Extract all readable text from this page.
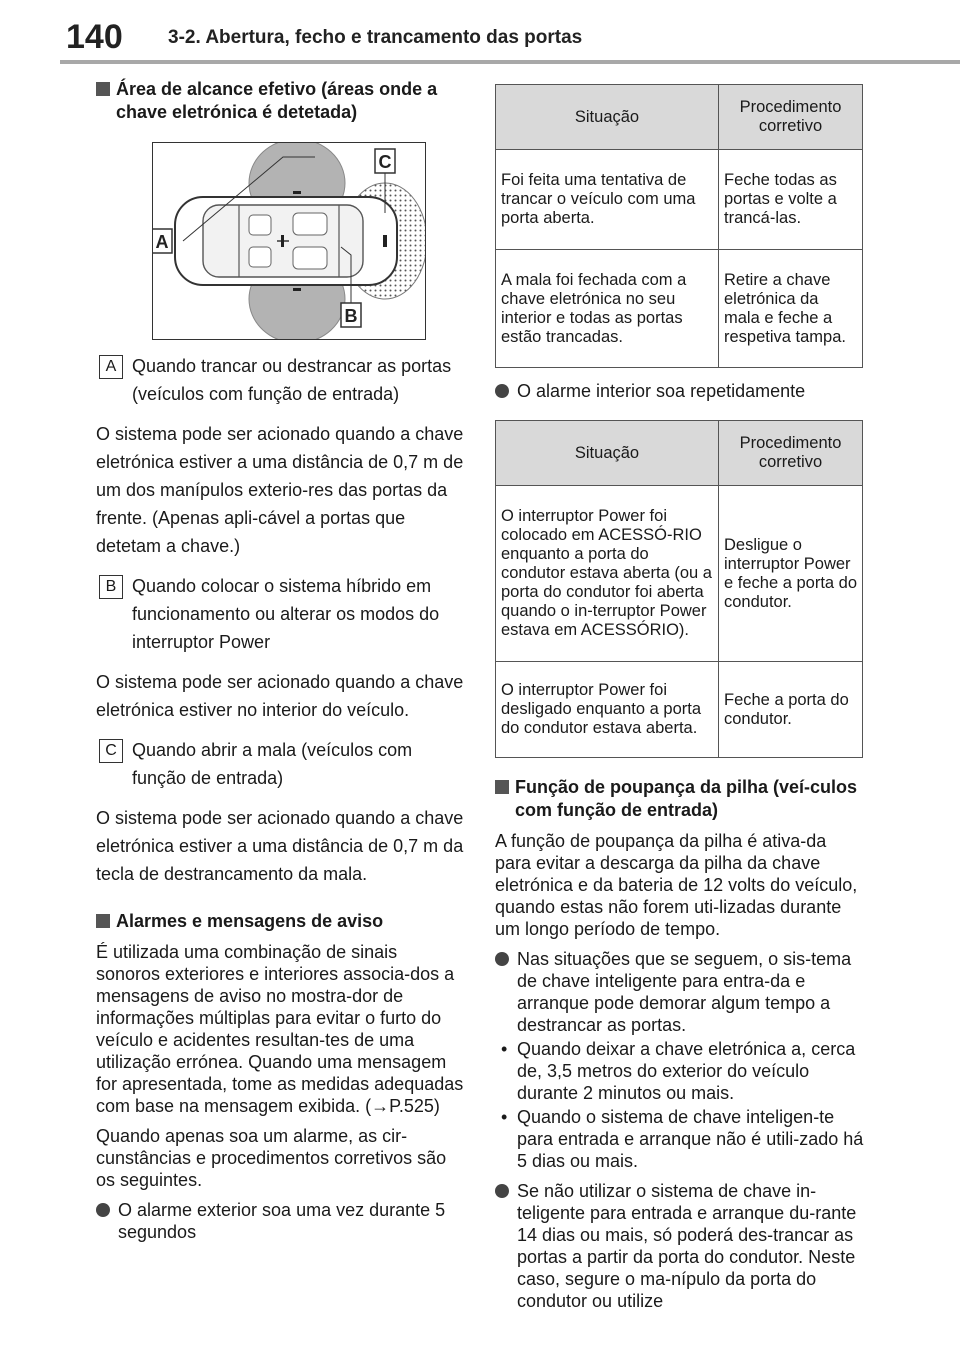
140 3-2. Abertura, fecho e trancamento das portas

Área de alcance efetivo (áreas onde a chave eletrónica é detetada)

A
C
B

A Quando trancar ou destrancar as portas (veículos com função de entrada)

O sistema pode ser acionado quando a chave eletrónica estiver a uma distância de 0,7 m de um dos manípulos exterio-res das portas da frente. (Apenas apli-cável a portas que detetam a chave.)

B Quando colocar o sistema híbrido em funcionamento ou alterar os modos do interruptor Power

O sistema pode ser acionado quando a chave eletrónica estiver no interior do veículo.

C Quando abrir a mala (veículos com função de entrada)

O sistema pode ser acionado quando a chave eletrónica estiver a uma distância de 0,7 m da tecla de destrancamento da mala.

Alarmes e mensagens de aviso

É utilizada uma combinação de sinais sonoros exteriores e interiores associa-dos a mensagens de aviso no mostra-dor de informações múltiplas para evitar o furto do veículo e acidentes resultan-tes de uma utilização errónea. Quando uma mensagem for apresentada, tome as medidas adequadas com base na mensagem exibida. (→P.525)

Quando apenas soa um alarme, as cir-cunstâncias e procedimentos corretivos são os seguintes.

O alarme exterior soa uma vez durante 5 segundos

Situação	Procedimento corretivo
Foi feita uma tentativa de trancar o veículo com uma porta aberta.	Feche todas as portas e volte a trancá-las.
A mala foi fechada com a chave eletrónica no seu interior e todas as portas estão trancadas.	Retire a chave eletrónica da mala e feche a respetiva tampa.

O alarme interior soa repetidamente

Situação	Procedimento corretivo
O interruptor Power foi colocado em ACESSÓ-RIO enquanto a porta do condutor estava aberta (ou a porta do condutor foi aberta quando o in-terruptor Power estava em ACESSÓRIO).	Desligue o interruptor Power e feche a porta do condutor.
O interruptor Power foi desligado enquanto a porta do condutor estava aberta.	Feche a porta do condutor.

Função de poupança da pilha (veí-culos com função de entrada)

A função de poupança da pilha é ativa-da para evitar a descarga da pilha da chave eletrónica e da bateria de 12 volts do veículo, quando estas não forem uti-lizadas durante um longo período de tempo.

Nas situações que se seguem, o sis-tema de chave inteligente para entra-da e arranque pode demorar algum tempo a destrancar as portas.

• Quando deixar a chave eletrónica a, cerca de, 3,5 metros do exterior do veículo durante 2 minutos ou mais.

• Quando o sistema de chave inteligen-te para entrada e arranque não é utili-zado há 5 dias ou mais.

Se não utilizar o sistema de chave in-teligente para entrada e arranque du-rante 14 dias ou mais, só poderá des-trancar as portas a partir da porta do condutor. Neste caso, segure o ma-nípulo da porta do condutor ou utilize
